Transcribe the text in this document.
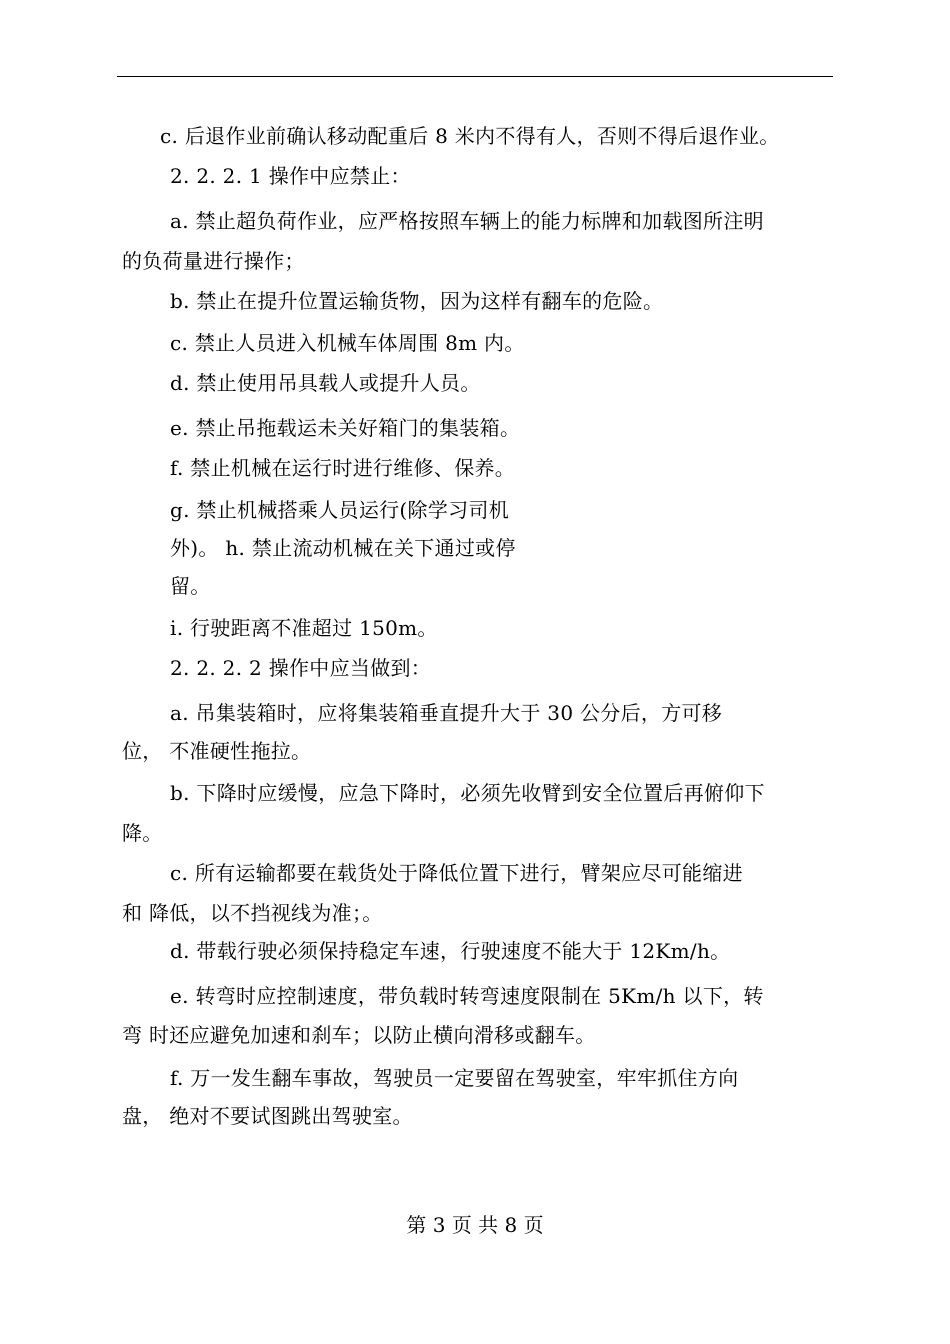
c. 后退作业前确认移动配重后 8 米内不得有人，否则不得后退作业。
2. 2. 2. 1 操作中应禁止：
a. 禁止超负荷作业，应严格按照车辆上的能力标牌和加载图所注明
的负荷量进行操作；
b. 禁止在提升位置运输货物，因为这样有翻车的危险。
c. 禁止人员进入机械车体周围 8m 内。
d. 禁止使用吊具载人或提升人员。
e. 禁止吊拖载运未关好箱门的集装箱。
f. 禁止机械在运行时进行维修、保养。
g. 禁止机械搭乘人员运行(除学习司机
外)。 h. 禁止流动机械在关下通过或停
留。
i. 行驶距离不准超过 150m。
2. 2. 2. 2 操作中应当做到：
a. 吊集装箱时，应将集装箱垂直提升大于 30 公分后，方可移
位， 不准硬性拖拉。
b. 下降时应缓慢，应急下降时，必须先收臂到安全位置后再俯仰下
降。
c. 所有运输都要在载货处于降低位置下进行，臂架应尽可能缩进
和 降低，以不挡视线为准；。
d. 带载行驶必须保持稳定车速，行驶速度不能大于 12Km/h。
e. 转弯时应控制速度，带负载时转弯速度限制在 5Km/h 以下，转
弯 时还应避免加速和刹车；以防止横向滑移或翻车。
f. 万一发生翻车事故，驾驶员一定要留在驾驶室，牢牢抓住方向
盘， 绝对不要试图跳出驾驶室。
第 3 页 共 8 页
